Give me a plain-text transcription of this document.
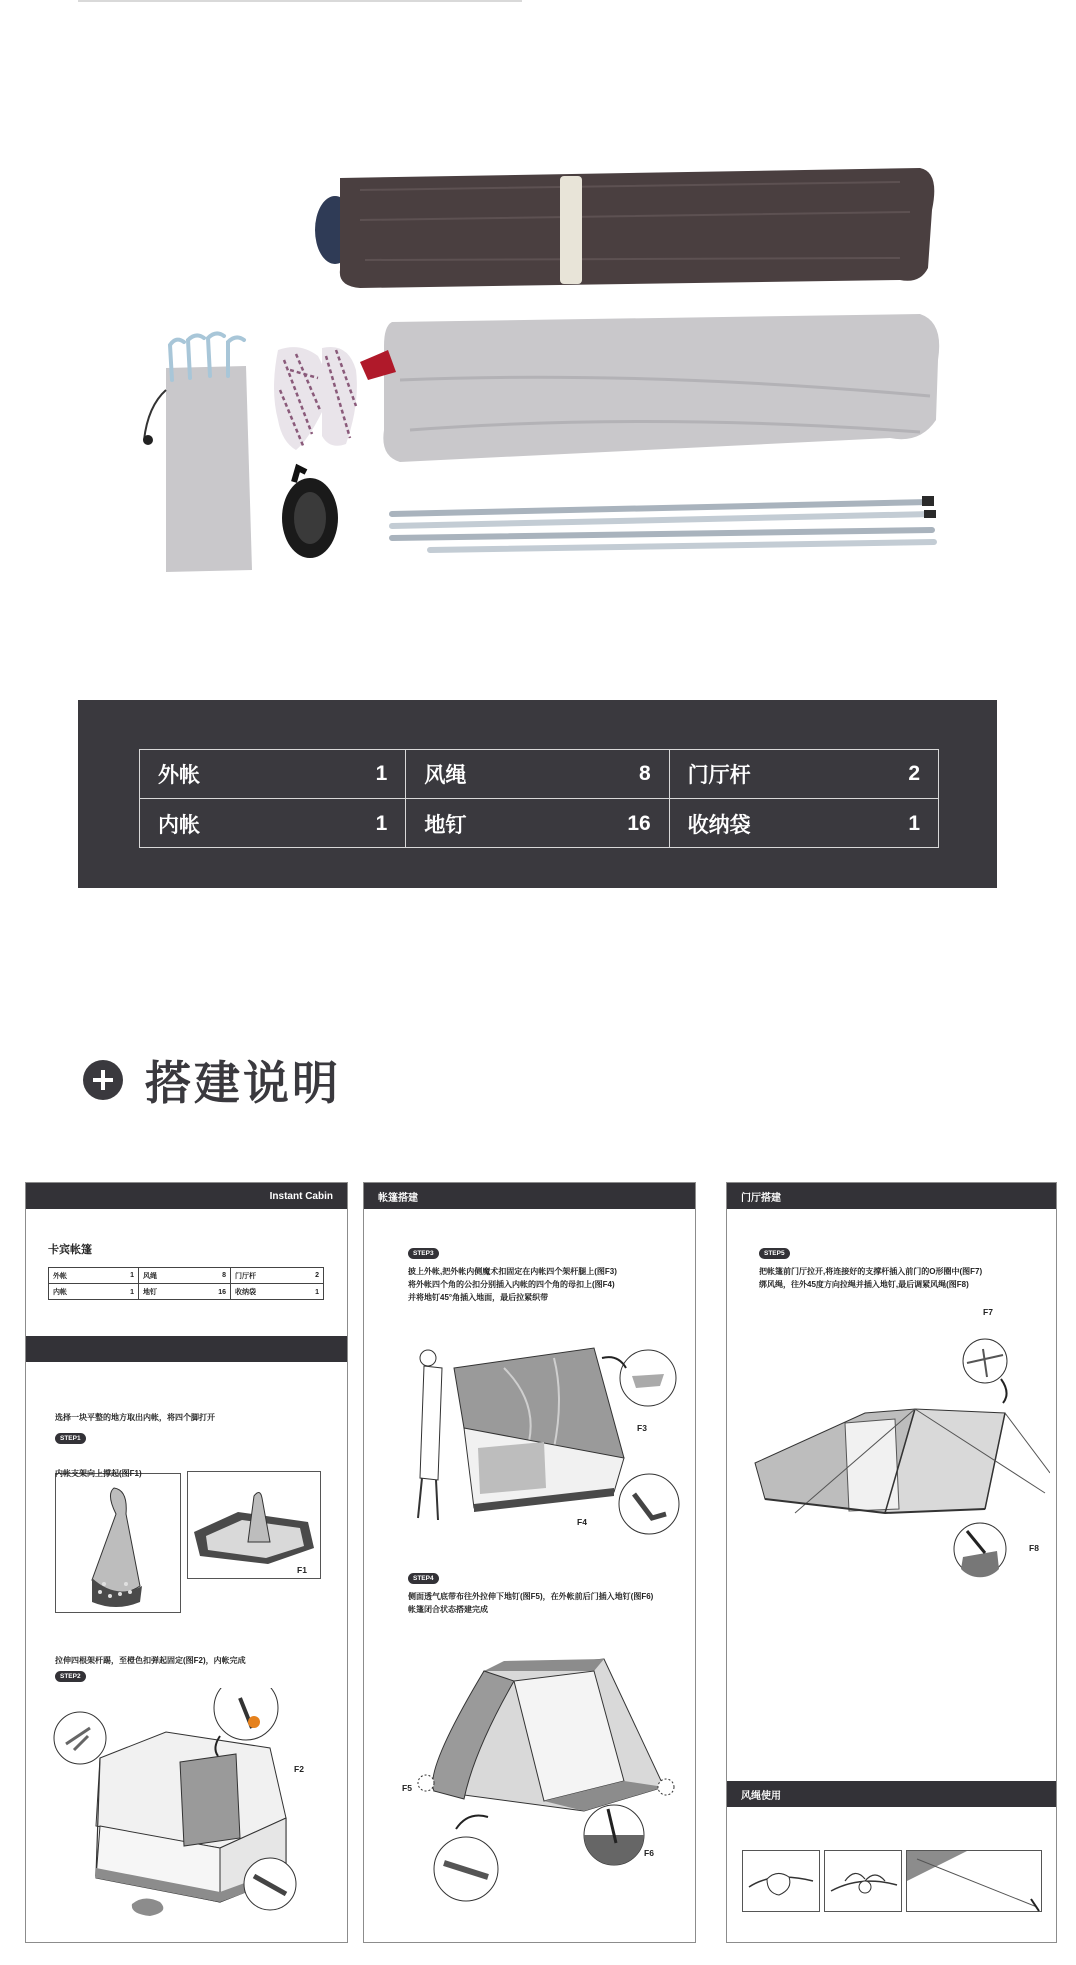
外帐	1 风绳	8 门厅杆	2
内帐	1 地钉	16 收纳袋	1
搭建说明
Instant Cabin
卡宾帐篷
外帐	1 风绳	8 门厅杆	2
内帐	1 地钉	16 收纳袋	1
选择一块平整的地方取出内帐，将四个脚打开
STEP1
内帐支架向上撑起(图F1)
F1
拉伸四根架杆踢，至橙色扣弹起固定(图F2)，内帐完成
STEP2
F2
帐篷搭建
STEP3
披上外帐,把外帐内侧魔术扣固定在内帐四个架杆腿上(图F3)
将外帐四个角的公扣分别插入内帐的四个角的母扣上(图F4)
并将地钉45°角插入地面，最后拉紧织带
F3
F4
STEP4
侧面透气底带布往外拉伸下地钉(图F5)，在外帐前后门插入地钉(图F6)
帐篷闭合状态搭建完成
F5
F6
门厅搭建
STEP5
把帐篷前门厅拉开,将连接好的支撑杆插入前门的O形圈中(图F7)
绑风绳，往外45度方向拉绳并插入地钉,最后调紧风绳(图F8)
F7
F8
风绳使用
